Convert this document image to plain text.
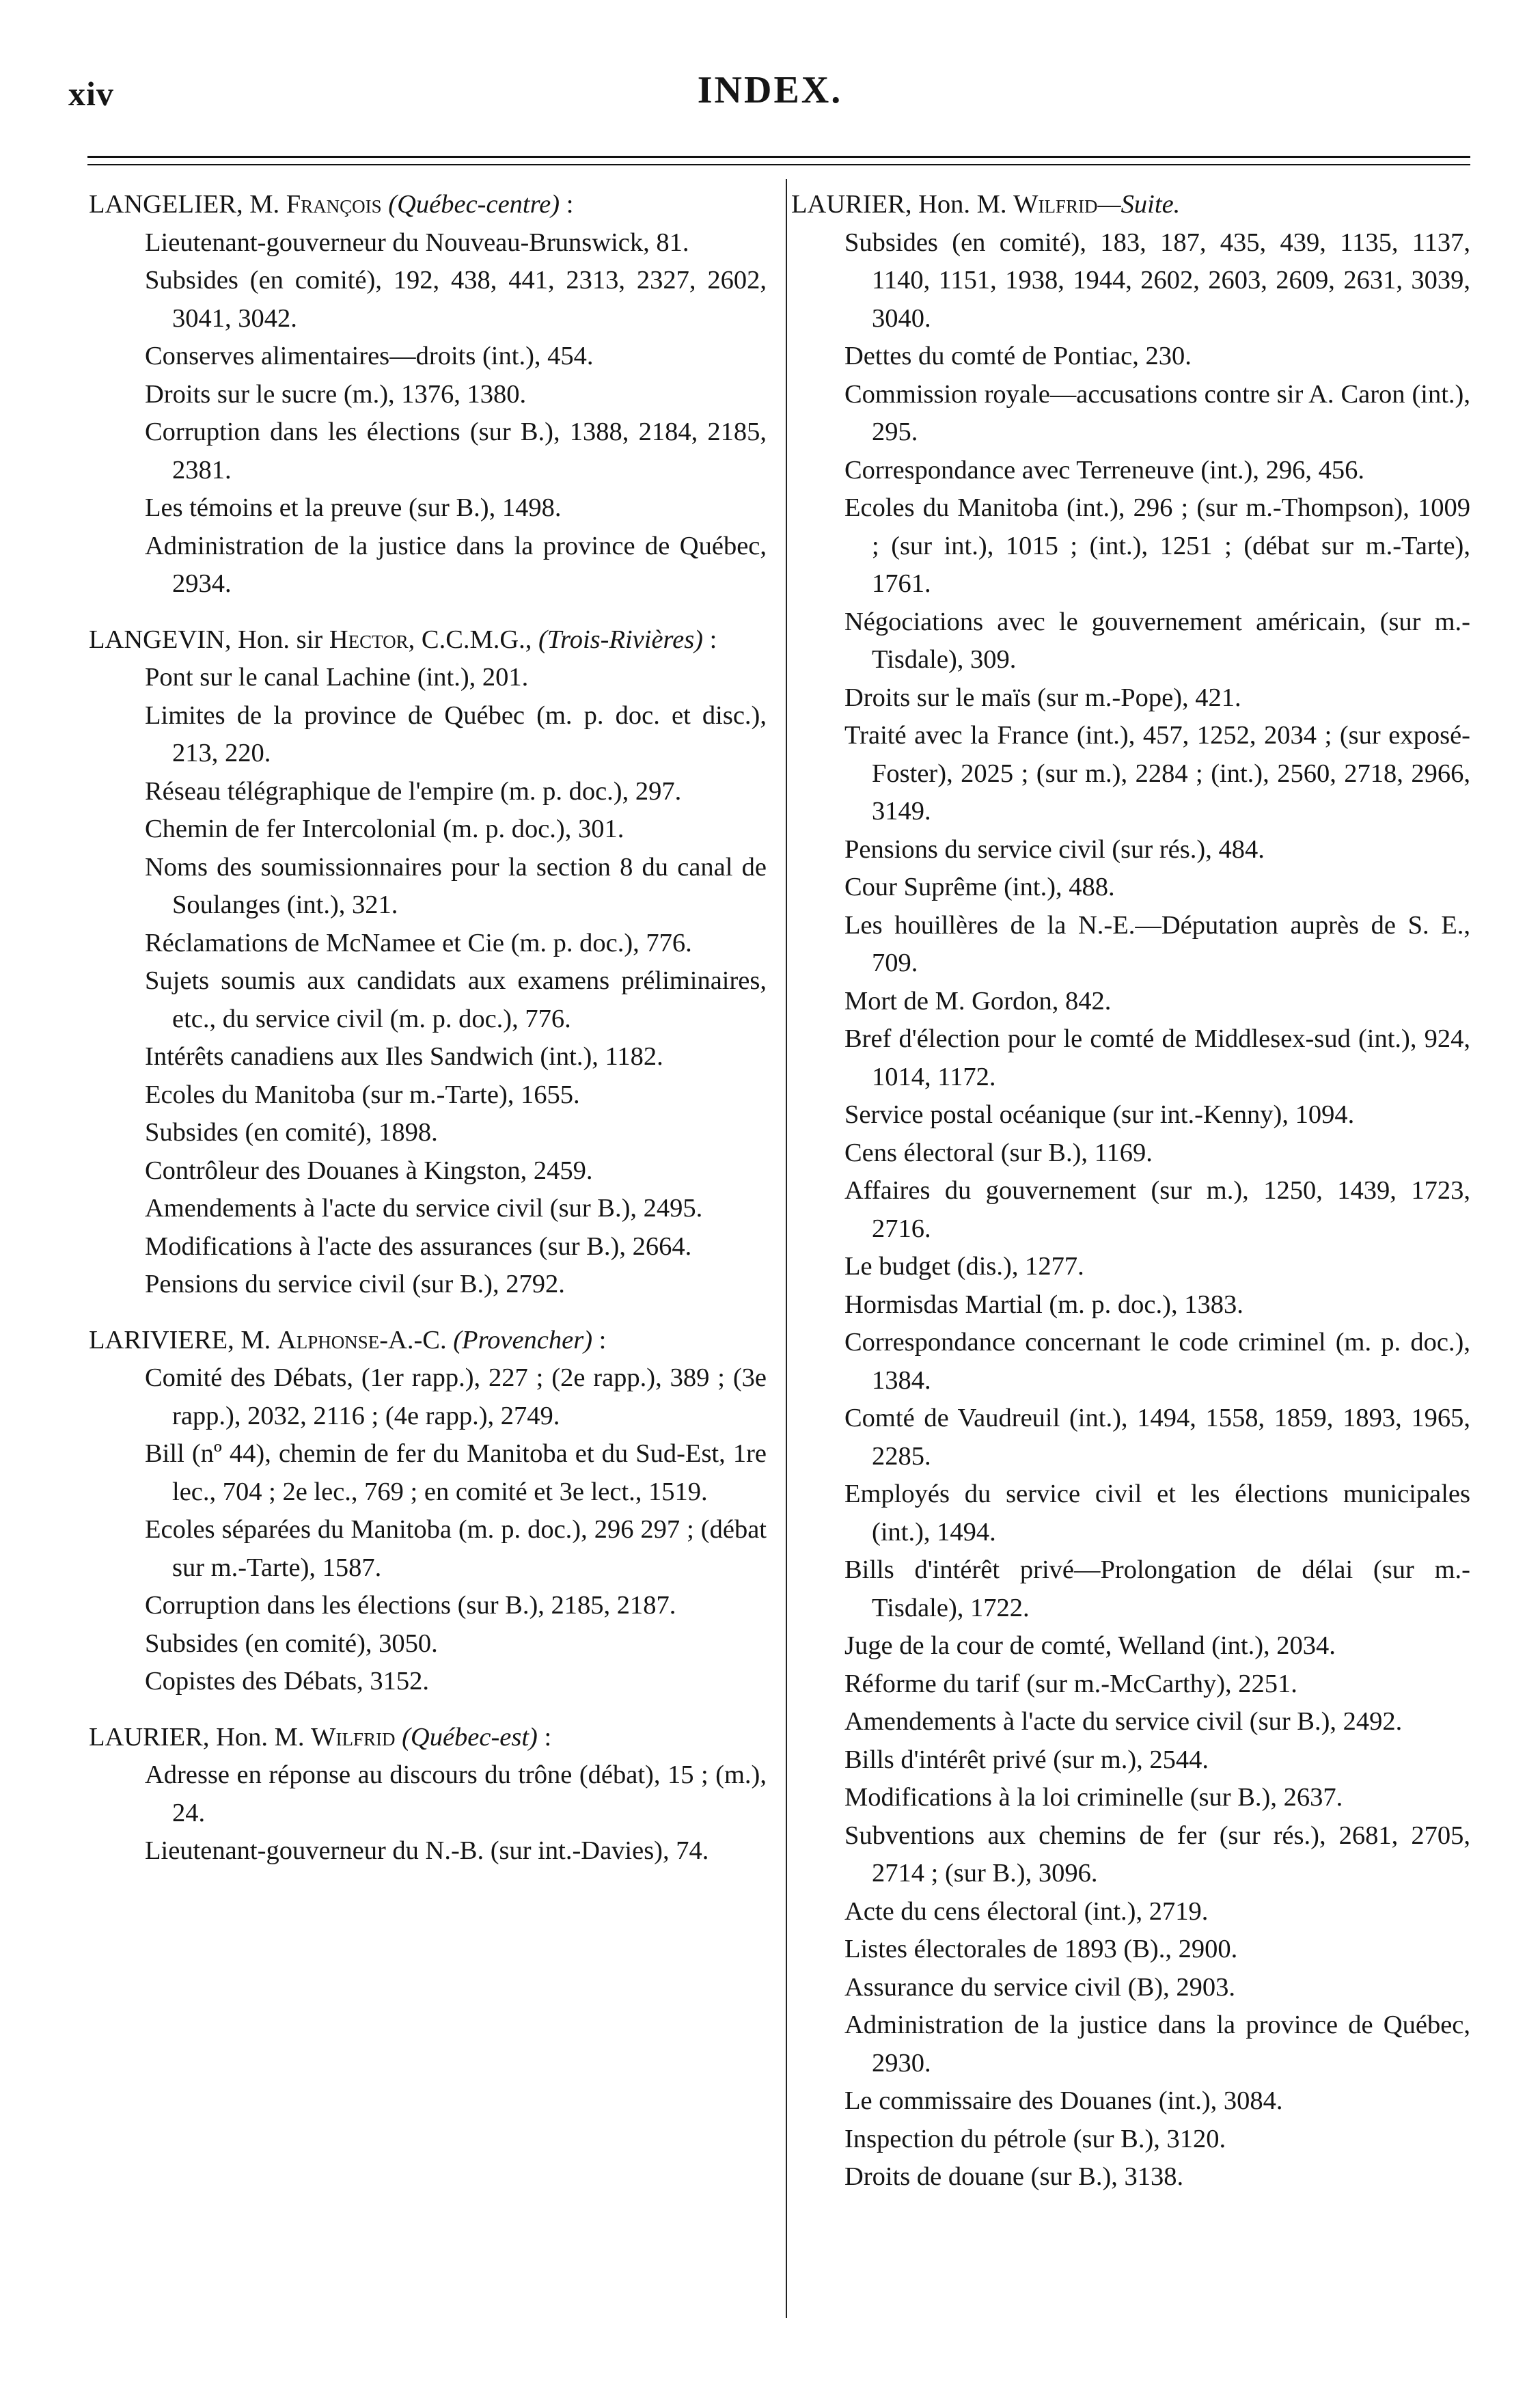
xiv	INDEX.

LANGELIER, M. François (Québec-centre) :

Lieutenant-gouverneur du Nouveau-Brunswick, 81.

Subsides (en comité), 192, 438, 441, 2313, 2327, 2602, 3041, 3042.

Conserves alimentaires—droits (int.), 454.

Droits sur le sucre (m.), 1376, 1380.

Corruption dans les élections (sur B.), 1388, 2184, 2185, 2381.

Les témoins et la preuve (sur B.), 1498.

Administration de la justice dans la province de Québec, 2934.

LANGEVIN, Hon. sir Hector, C.C.M.G., (Trois-Rivières) :

Pont sur le canal Lachine (int.), 201.

Limites de la province de Québec (m. p. doc. et disc.), 213, 220.

Réseau télégraphique de l'empire (m. p. doc.), 297.

Chemin de fer Intercolonial (m. p. doc.), 301.

Noms des soumissionnaires pour la section 8 du canal de Soulanges (int.), 321.

Réclamations de McNamee et Cie (m. p. doc.), 776.

Sujets soumis aux candidats aux examens préliminaires, etc., du service civil (m. p. doc.), 776.

Intérêts canadiens aux Iles Sandwich (int.), 1182.

Ecoles du Manitoba (sur m.-Tarte), 1655.

Subsides (en comité), 1898.

Contrôleur des Douanes à Kingston, 2459.

Amendements à l'acte du service civil (sur B.), 2495.

Modifications à l'acte des assurances (sur B.), 2664.

Pensions du service civil (sur B.), 2792.

LARIVIERE, M. Alphonse-A.-C. (Provencher) :

Comité des Débats, (1er rapp.), 227 ; (2e rapp.), 389 ; (3e rapp.), 2032, 2116 ; (4e rapp.), 2749.

Bill (nº 44), chemin de fer du Manitoba et du Sud-Est, 1re lec., 704 ; 2e lec., 769 ; en comité et 3e lect., 1519.

Ecoles séparées du Manitoba (m. p. doc.), 296 297 ; (débat sur m.-Tarte), 1587.

Corruption dans les élections (sur B.), 2185, 2187.

Subsides (en comité), 3050.

Copistes des Débats, 3152.

LAURIER, Hon. M. Wilfrid (Québec-est) :

Adresse en réponse au discours du trône (débat), 15 ; (m.), 24.

Lieutenant-gouverneur du N.-B. (sur int.-Davies), 74.

LAURIER, Hon. M. Wilfrid—Suite.

Subsides (en comité), 183, 187, 435, 439, 1135, 1137, 1140, 1151, 1938, 1944, 2602, 2603, 2609, 2631, 3039, 3040.

Dettes du comté de Pontiac, 230.

Commission royale—accusations contre sir A. Caron (int.), 295.

Correspondance avec Terreneuve (int.), 296, 456.

Ecoles du Manitoba (int.), 296 ; (sur m.-Thompson), 1009 ; (sur int.), 1015 ; (int.), 1251 ; (débat sur m.-Tarte), 1761.

Négociations avec le gouvernement américain, (sur m.-Tisdale), 309.

Droits sur le maïs (sur m.-Pope), 421.

Traité avec la France (int.), 457, 1252, 2034 ; (sur exposé-Foster), 2025 ; (sur m.), 2284 ; (int.), 2560, 2718, 2966, 3149.

Pensions du service civil (sur rés.), 484.

Cour Suprême (int.), 488.

Les houillères de la N.-E.—Députation auprès de S. E., 709.

Mort de M. Gordon, 842.

Bref d'élection pour le comté de Middlesex-sud (int.), 924, 1014, 1172.

Service postal océanique (sur int.-Kenny), 1094.

Cens électoral (sur B.), 1169.

Affaires du gouvernement (sur m.), 1250, 1439, 1723, 2716.

Le budget (dis.), 1277.

Hormisdas Martial (m. p. doc.), 1383.

Correspondance concernant le code criminel (m. p. doc.), 1384.

Comté de Vaudreuil (int.), 1494, 1558, 1859, 1893, 1965, 2285.

Employés du service civil et les élections municipales (int.), 1494.

Bills d'intérêt privé—Prolongation de délai (sur m.-Tisdale), 1722.

Juge de la cour de comté, Welland (int.), 2034.

Réforme du tarif (sur m.-McCarthy), 2251.

Amendements à l'acte du service civil (sur B.), 2492.

Bills d'intérêt privé (sur m.), 2544.

Modifications à la loi criminelle (sur B.), 2637.

Subventions aux chemins de fer (sur rés.), 2681, 2705, 2714 ; (sur B.), 3096.

Acte du cens électoral (int.), 2719.

Listes électorales de 1893 (B)., 2900.

Assurance du service civil (B), 2903.

Administration de la justice dans la province de Québec, 2930.

Le commissaire des Douanes (int.), 3084.

Inspection du pétrole (sur B.), 3120.

Droits de douane (sur B.), 3138.
